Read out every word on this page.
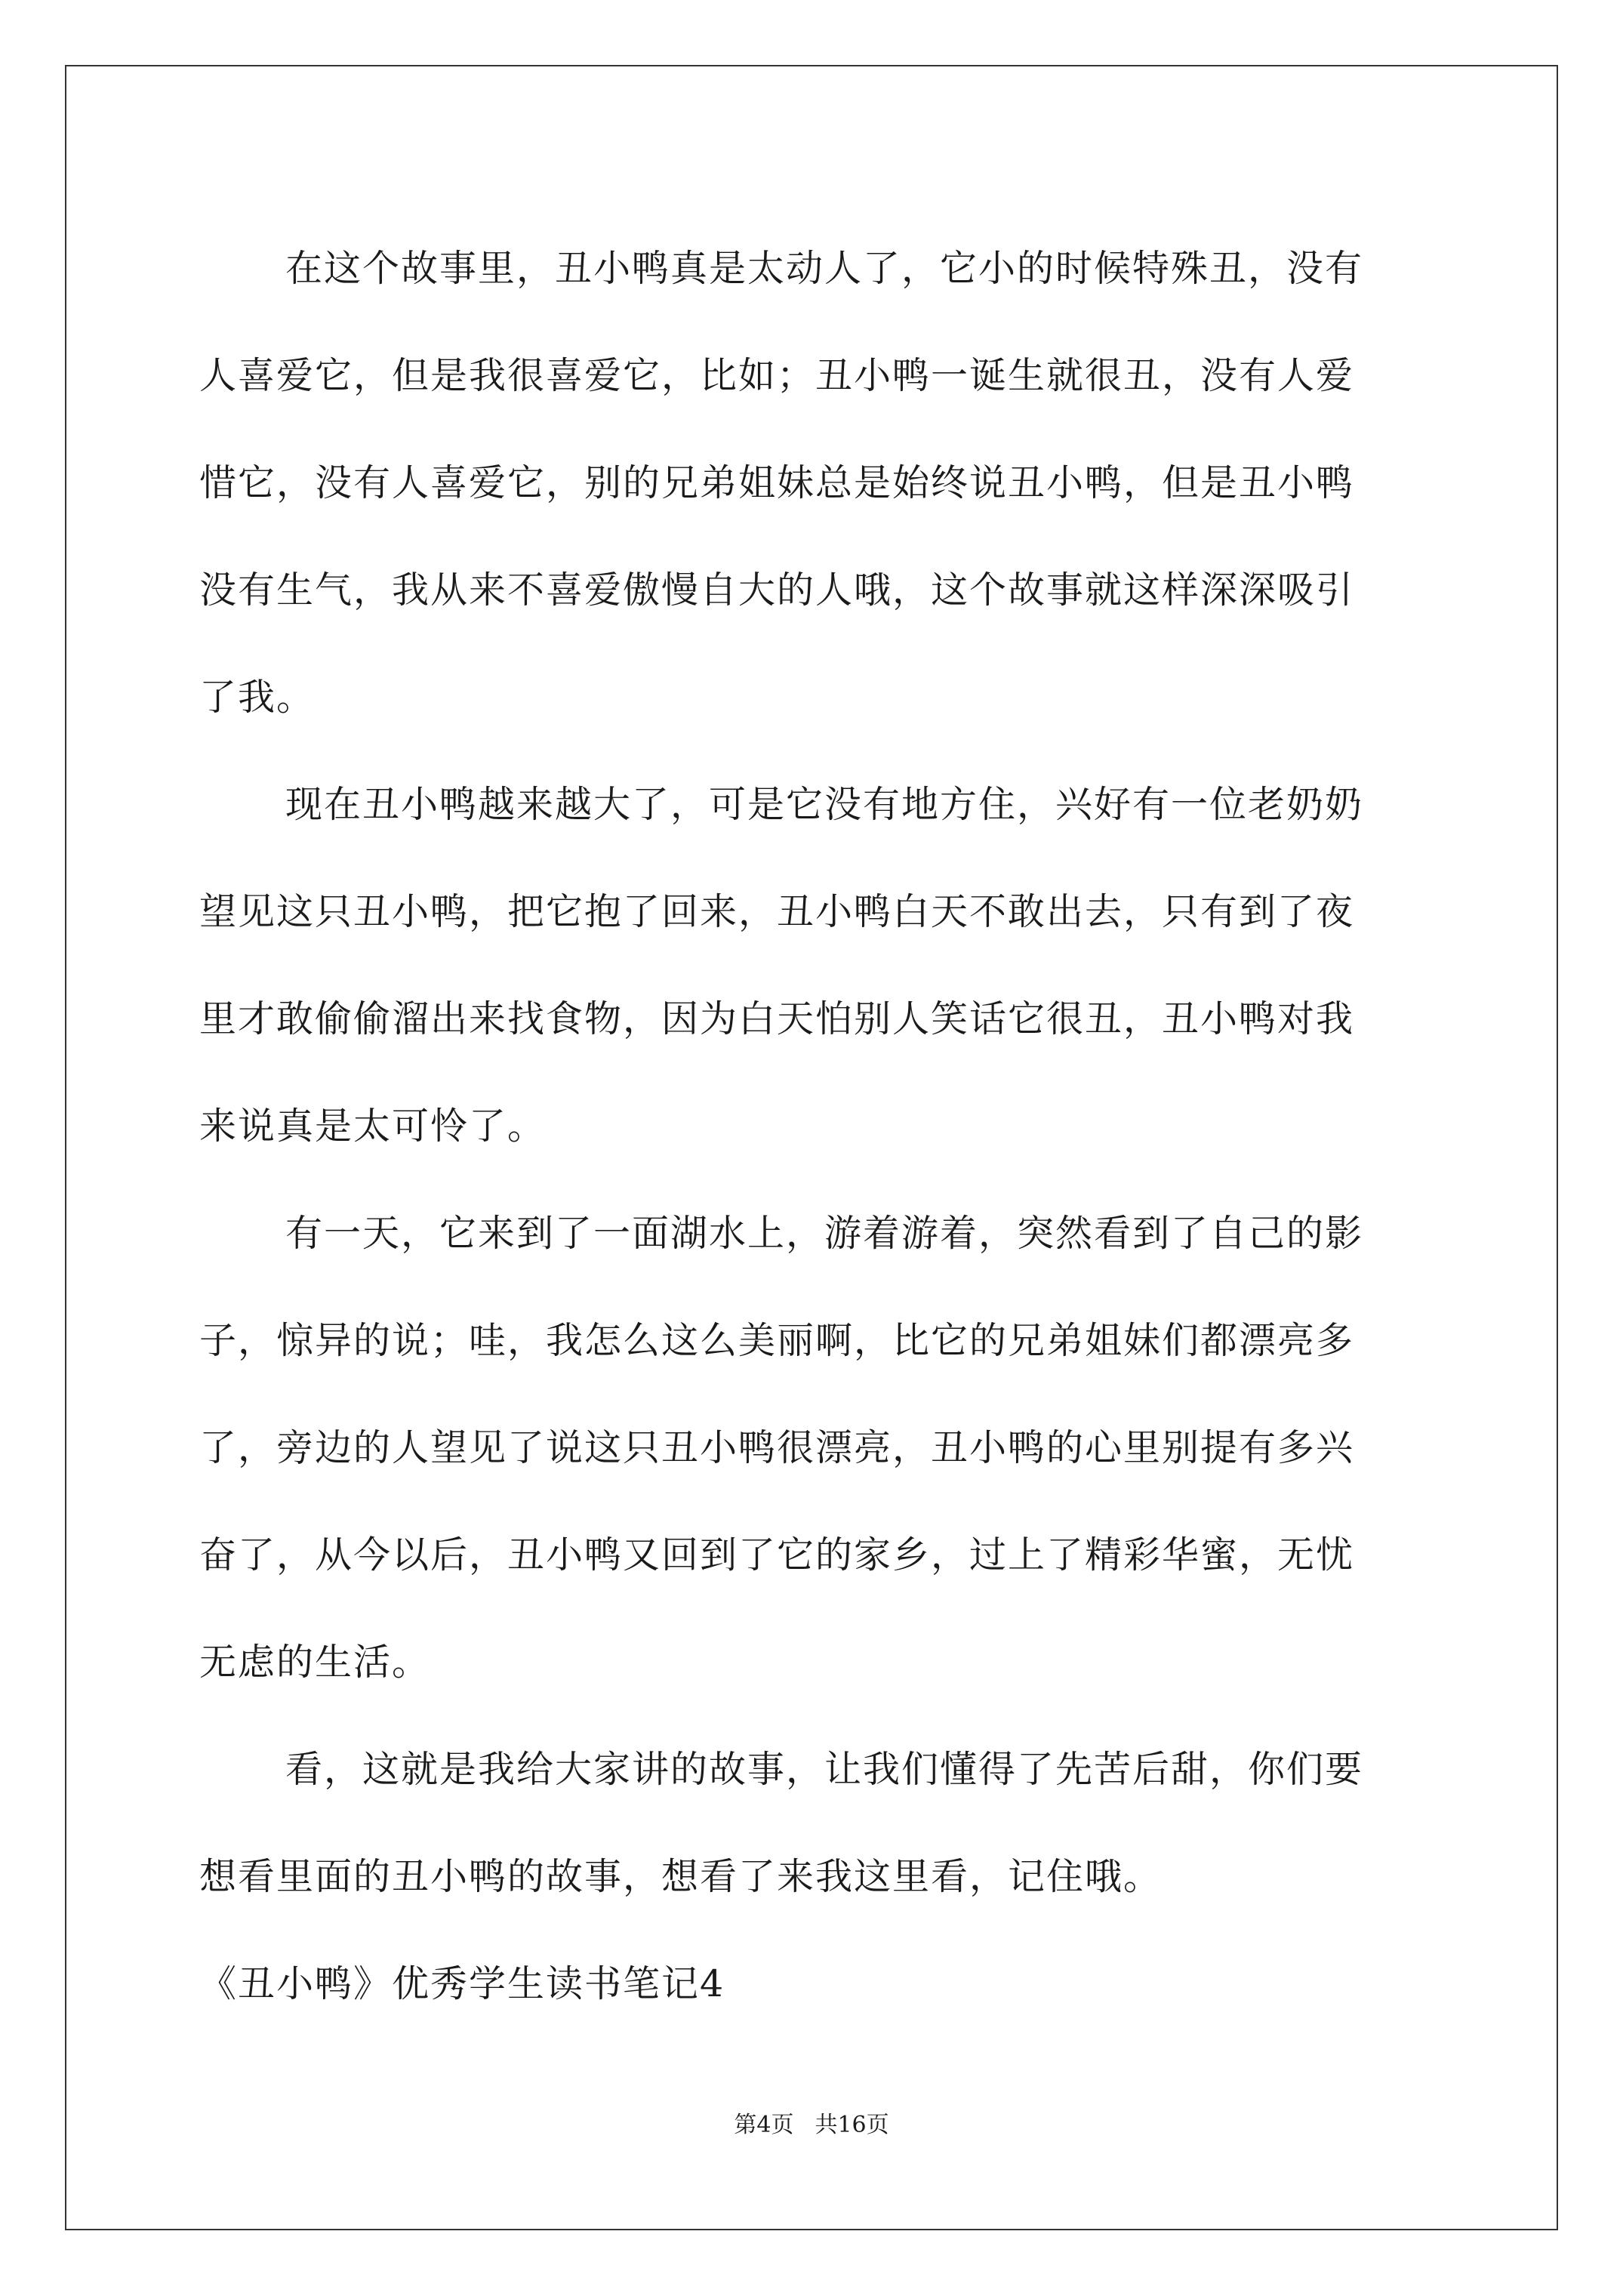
在这个故事里，丑小鸭真是太动人了，它小的时候特殊丑，没有
人喜爱它，但是我很喜爱它，比如；丑小鸭一诞生就很丑，没有人爱
惜它，没有人喜爱它，别的兄弟姐妹总是始终说丑小鸭，但是丑小鸭
没有生气，我从来不喜爱傲慢自大的人哦，这个故事就这样深深吸引
了我。

现在丑小鸭越来越大了，可是它没有地方住，兴好有一位老奶奶
望见这只丑小鸭，把它抱了回来，丑小鸭白天不敢出去，只有到了夜
里才敢偷偷溜出来找食物，因为白天怕别人笑话它很丑，丑小鸭对我
来说真是太可怜了。

有一天，它来到了一面湖水上，游着游着，突然看到了自己的影
子，惊异的说；哇，我怎么这么美丽啊，比它的兄弟姐妹们都漂亮多
了，旁边的人望见了说这只丑小鸭很漂亮，丑小鸭的心里别提有多兴
奋了，从今以后，丑小鸭又回到了它的家乡，过上了精彩华蜜，无忧
无虑的生活。

看，这就是我给大家讲的故事，让我们懂得了先苦后甜，你们要
想看里面的丑小鸭的故事，想看了来我这里看，记住哦。

《丑小鸭》优秀学生读书笔记4
第4页 共16页
